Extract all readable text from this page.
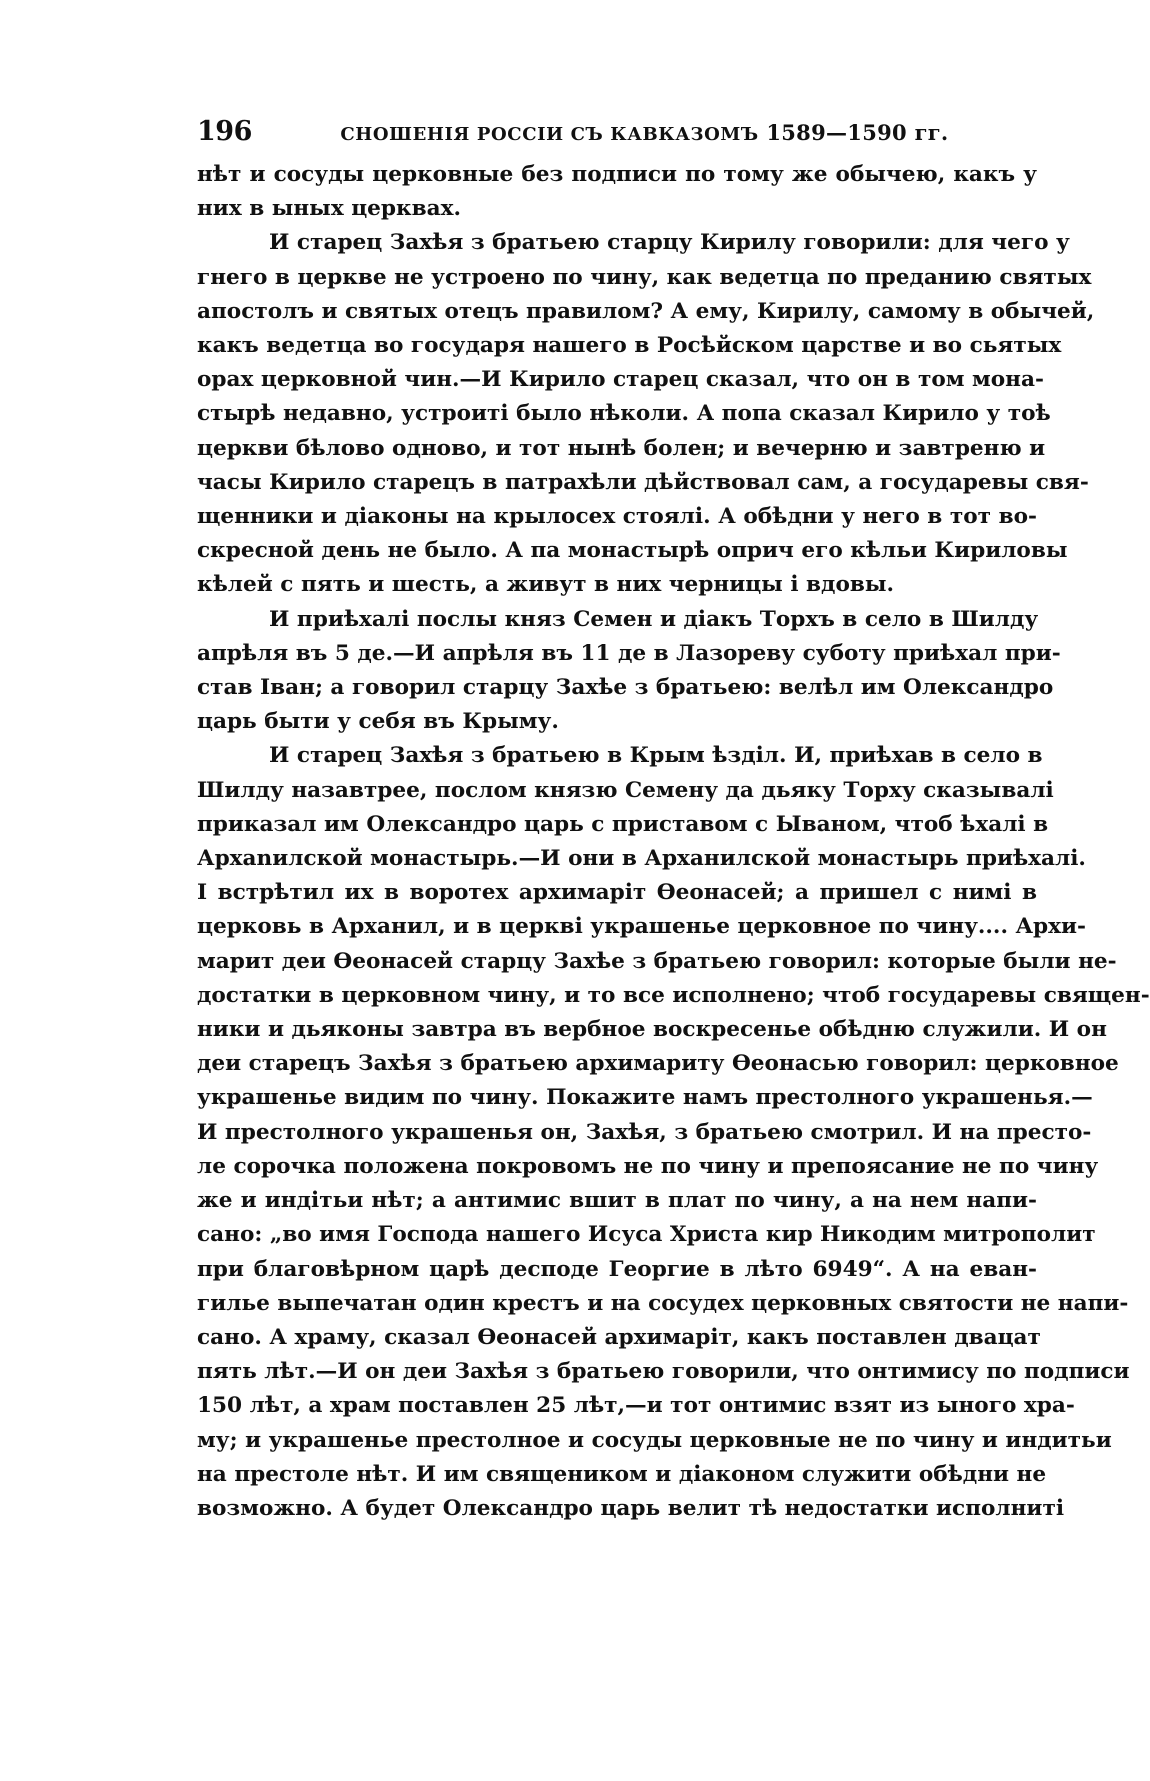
196	СНОШЕНІЯ РОССІИ СЪ КАВКАЗОМЪ 1589—1590 гг.
нѣт и сосуды церковные без подписи по тому же обычею, какъ у
них в ыных церквах.
И старец Захѣя з братьею старцу Кирилу говорили: для чего у
гнего в церкве не устроено по чину, как ведетца по преданию святых
апостолъ и святых отецъ правилом? А ему, Кирилу, самому в обычей,
какъ ведетца во государя нашего в Росѣйском царстве и во сьятых
орах церковной чин.—И Кирило старец сказал, что он в том мона-
стырѣ недавно, устроиті было нѣколи. А попа сказал Кирило у тоѣ
церкви бѣлово одново, и тот нынѣ болен; и вечерню и завтреню и
часы Кирило старецъ в патрахѣли дѣйствовал сам, а государевы свя-
щенники и діаконы на крылосех стоялі. А обѣдни у него в тот во-
скресной день не было. А па монастырѣ оприч его кѣльи Кириловы
кѣлей с пять и шесть, а живут в них черницы і вдовы.
И приѣхалі послы княз Семен и діакъ Торхъ в село в Шилду
апрѣля въ 5 де.—И апрѣля въ 11 де в Лазореву суботу приѣхал при-
став Іван; а говорил старцу Захѣе з братьею: велѣл им Олександро
царь быти у себя въ Крыму.
И старец Захѣя з братьею в Крым ѣзділ. И, приѣхав в село в
Шилду назавтрее, послом князю Семену да дьяку Торху сказывалі
приказал им Олександро царь с приставом с Ываном, чтоб ѣхалі в
Архаnилской монастырь.—И они в Арханилской монастырь приѣхалі.
І встрѣтил их в воротех архимаріт Өеонасей; а пришел с нимі в
церковь в Арханил, и в церкві украшенье церковное по чину.... Архи-
марит деи Өеонасей старцу Захѣе з братьею говорил: которые были не-
достатки в церковном чину, и то все исполнено; чтоб государевы священ-
ники и дьяконы завтра въ вербное воскресенье обѣдню служили. И он
деи старецъ Захѣя з братьею архимариту Өеонасью говорил: церковное
украшенье видим по чину. Покажите намъ престолного украшенья.—
И престолного украшенья он, Захѣя, з братьею смотрил. И на престо-
ле сорочка положена покровомъ не по чину и препоясание не по чину
же и индітьи нѣт; а антимис вшит в плат по чину, а на нем напи-
сано: „во имя Господа нашего Исуса Христа кир Никодим митрополит
при благовѣрном царѣ десподе Георгие в лѣто 6949“. А на еван-
гилье выпечатан один крестъ и на сосудех церковных святости не напи-
сано. А храму, сказал Өеонасей архимаріт, какъ поставлен двацат
пять лѣт.—И он деи Захѣя з братьею говорили, что онтимису по подписи
150 лѣт, а храм поставлен 25 лѣт,—и тот онтимис взят из ыного хра-
му; и украшенье престолное и сосуды церковные не по чину и индитьи
на престоле нѣт. И им священиком и діаконом служити обѣдни не
возможно. А будет Олександро царь велит тѣ недостатки исполниті
